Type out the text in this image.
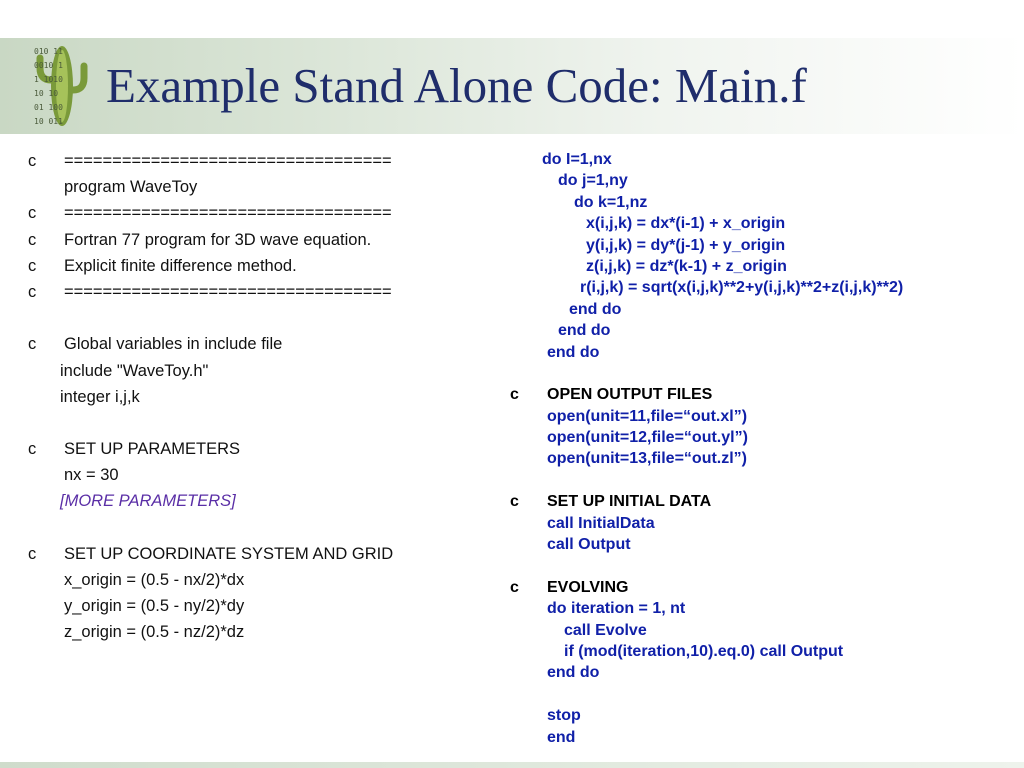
010 11
0010 1
1 1010
10 10
01 100
10 011
Example Stand Alone Code: Main.f
c ==================================
program WaveToy
c ==================================
c Fortran 77 program for 3D wave equation.
c Explicit finite difference method.
c ==================================
c Global variables in include file
include "WaveToy.h"
integer i,j,k
c SET UP PARAMETERS
nx = 30
[MORE PARAMETERS]
c SET UP COORDINATE SYSTEM AND GRID
x_origin = (0.5 - nx/2)*dx
y_origin = (0.5 - ny/2)*dy
z_origin = (0.5 - nz/2)*dz
do I=1,nx
do j=1,ny
do k=1,nz
x(i,j,k) = dx*(i-1) + x_origin
y(i,j,k) = dy*(j-1) + y_origin
z(i,j,k) = dz*(k-1) + z_origin
r(i,j,k) = sqrt(x(i,j,k)**2+y(i,j,k)**2+z(i,j,k)**2)
end do
end do
end do
c OPEN OUTPUT FILES
open(unit=11,file=“out.xl”)
open(unit=12,file=“out.yl”)
open(unit=13,file=“out.zl”)
c SET UP INITIAL DATA
call InitialData
call Output
c EVOLVING
do iteration = 1, nt
call Evolve
if (mod(iteration,10).eq.0) call Output
end do
stop
end
